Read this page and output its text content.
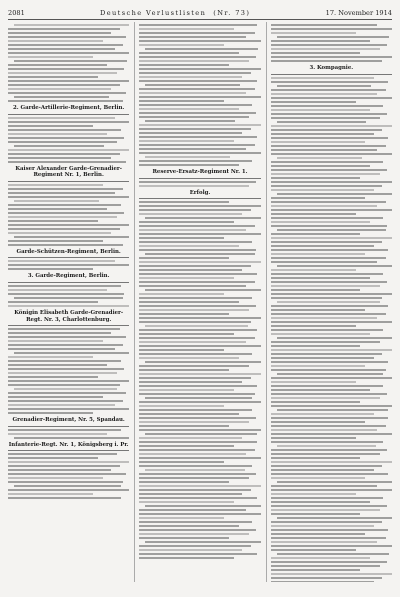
2081	Deutsche Verlustlisten (Nr. 73)	17. November 1914
2. Garde-Artillerie-Regiment, Berlin.
Kaiser Alexander Garde-Grenadier-Regiment Nr. 1, Berlin.
Garde-Schützen-Regiment, Berlin.
3. Garde-Regiment, Berlin.
Königin Elisabeth Garde-Grenadier-Regt. Nr. 3, Charlottenburg.
Grenadier-Regiment, Nr. 5, Spandau.
Infanterie-Regt. Nr. 1, Königsberg i. Pr.
Reserve-Ersatz-Regiment Nr. 1.
Erfolg.
3. Kompagnie.
